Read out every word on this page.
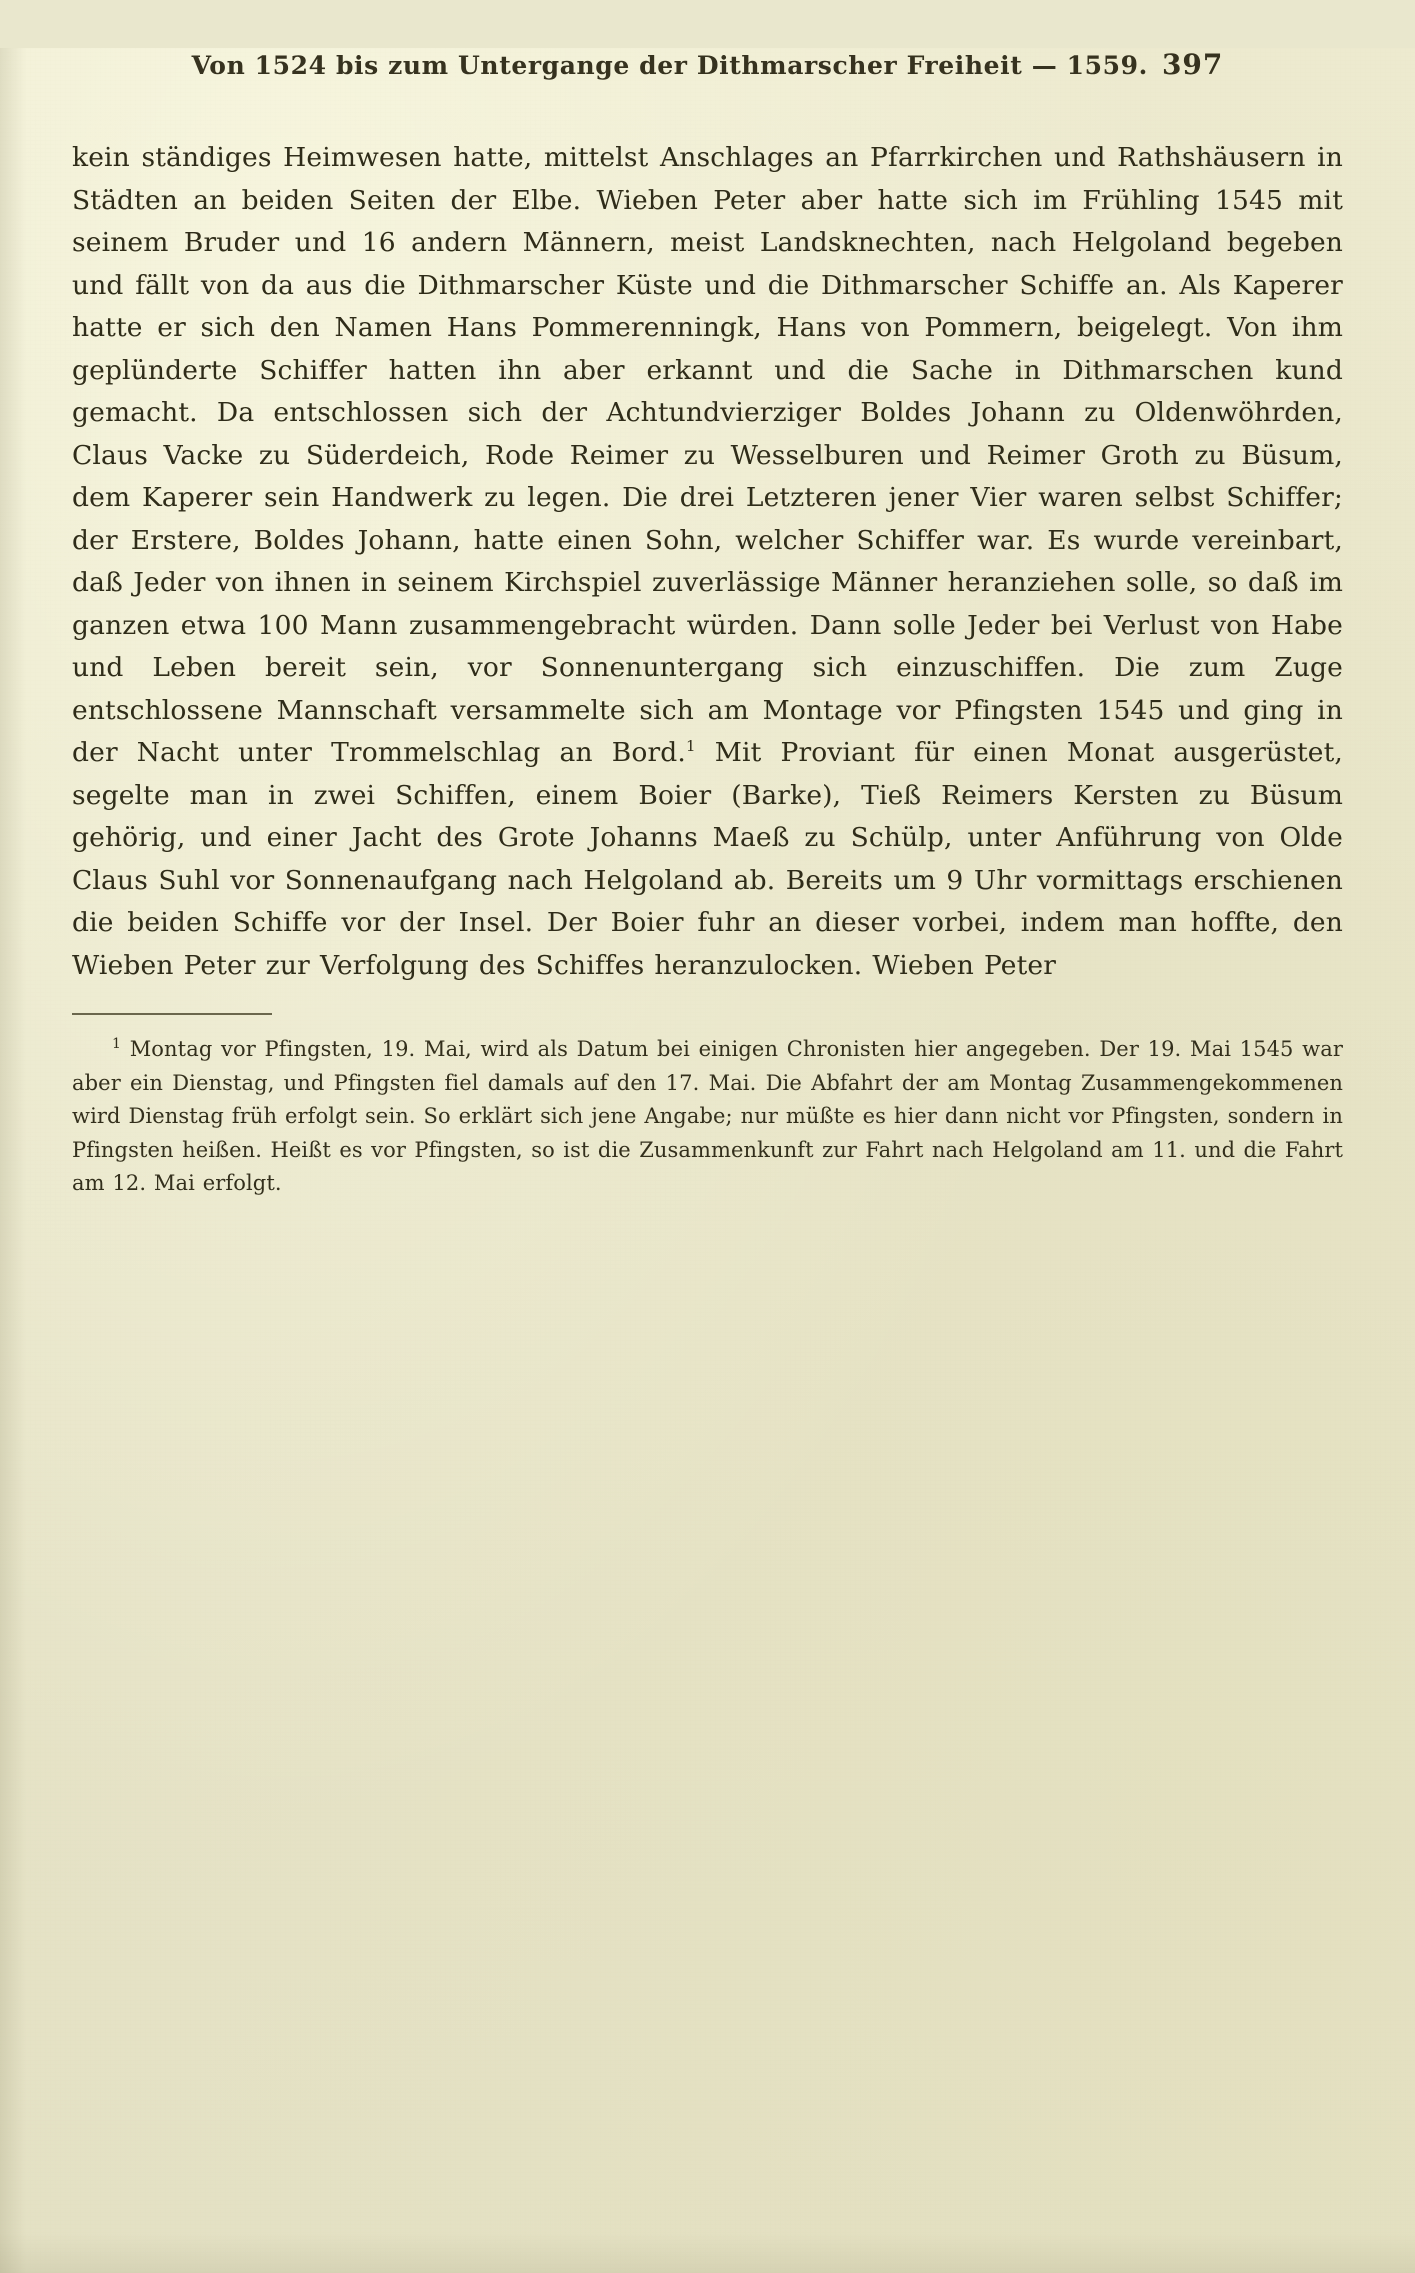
Von 1524 bis zum Untergange der Dithmarscher Freiheit — 1559. 397

kein ständiges Heimwesen hatte, mittelst Anschlages an Pfarrkirchen und Rathshäusern in Städten an beiden Seiten der Elbe. Wieben Peter aber hatte sich im Frühling 1545 mit seinem Bruder und 16 andern Männern, meist Landsknechten, nach Helgoland begeben und fällt von da aus die Dithmarscher Küste und die Dithmarscher Schiffe an. Als Kaperer hatte er sich den Namen Hans Pommerenningk, Hans von Pommern, beigelegt. Von ihm geplünderte Schiffer hatten ihn aber erkannt und die Sache in Dithmarschen kund gemacht. Da entschlossen sich der Achtundvierziger Boldes Johann zu Oldenwöhrden, Claus Vacke zu Süderdeich, Rode Reimer zu Wesselburen und Reimer Groth zu Büsum, dem Kaperer sein Handwerk zu legen. Die drei Letzteren jener Vier waren selbst Schiffer; der Erstere, Boldes Johann, hatte einen Sohn, welcher Schiffer war. Es wurde vereinbart, daß Jeder von ihnen in seinem Kirchspiel zuverlässige Männer heranziehen solle, so daß im ganzen etwa 100 Mann zusammengebracht würden. Dann solle Jeder bei Verlust von Habe und Leben bereit sein, vor Sonnenuntergang sich einzuschiffen. Die zum Zuge entschlossene Mannschaft versammelte sich am Montage vor Pfingsten 1545 und ging in der Nacht unter Trommelschlag an Bord.$^1$ Mit Proviant für einen Monat ausgerüstet, segelte man in zwei Schiffen, einem Boier (Barke), Tieß Reimers Kersten zu Büsum gehörig, und einer Jacht des Grote Johanns Maeß zu Schülp, unter Anführung von Olde Claus Suhl vor Sonnenaufgang nach Helgoland ab. Bereits um 9 Uhr vormittags erschienen die beiden Schiffe vor der Insel. Der Boier fuhr an dieser vorbei, indem man hoffte, den Wieben Peter zur Verfolgung des Schiffes heranzulocken. Wieben Peter

$^1$ Montag vor Pfingsten, 19. Mai, wird als Datum bei einigen Chronisten hier angegeben. Der 19. Mai 1545 war aber ein Dienstag, und Pfingsten fiel damals auf den 17. Mai. Die Abfahrt der am Montag Zusammengekommenen wird Dienstag früh erfolgt sein. So erklärt sich jene Angabe; nur müßte es hier dann nicht vor Pfingsten, sondern in Pfingsten heißen. Heißt es vor Pfingsten, so ist die Zusammenkunft zur Fahrt nach Helgoland am 11. und die Fahrt am 12. Mai erfolgt.
